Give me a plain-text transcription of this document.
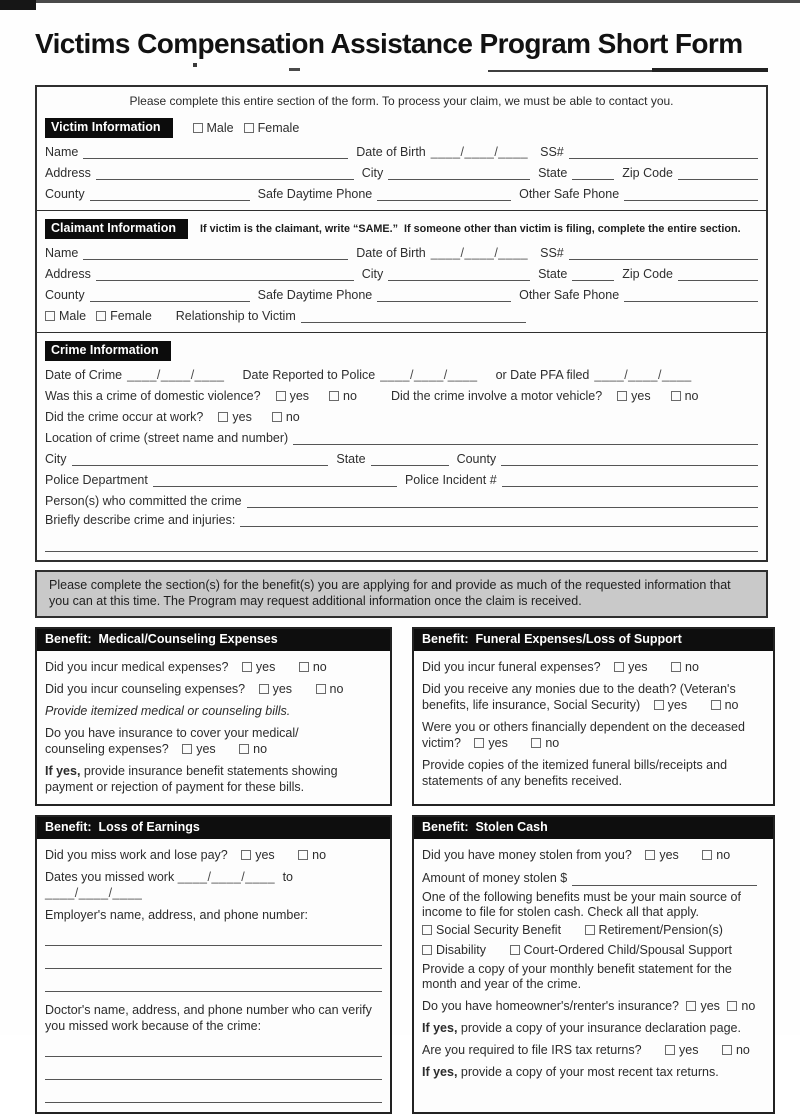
Victims Compensation Assistance Program Short Form
Please complete this entire section of the form. To process your claim, we must be able to contact you.
Victim Information	Male	Female
Name	Date of Birth ____/____/____ SS#
Address	City	State	Zip Code
County	Safe Daytime Phone	Other Safe Phone
Claimant Information	If victim is the claimant, write “SAME.”  If someone other than victim is filing, complete the entire section.
Name	Date of Birth ____/____/____ SS#
Address	City	State	Zip Code
County	Safe Daytime Phone	Other Safe Phone
Male	Female Relationship to Victim
Crime Information
Date of Crime ____/____/____	Date Reported to Police ____/____/____	or Date PFA filed ____/____/____
Was this a crime of domestic violence?	yes	no	Did the crime involve a motor vehicle?	yes	no
Did the crime occur at work?	yes	no
Location of crime (street name and number)
City	State	County
Police Department	Police Incident #
Person(s) who committed the crime
Briefly describe crime and injuries:
Please complete the section(s) for the benefit(s) you are applying for and provide as much of the requested information that you can at this time. The Program may request additional information once the claim is received.
Benefit:  Medical/Counseling Expenses

Did you incur medical expenses? yes	no

Did you incur counseling expenses? yes	no

Provide itemized medical or counseling bills.

Do you have insurance to cover your medical/
counseling expenses? yes	no

If yes, provide insurance benefit statements showing payment or rejection of payment for these bills.

Benefit:  Funeral Expenses/Loss of Support

Did you incur funeral expenses? yes	no

Did you receive any monies due to the death? (Veteran's benefits, life insurance, Social Security) yes	no

Were you or others financially dependent on the deceased victim? yes	no

Provide copies of the itemized funeral bills/receipts and statements of any benefits received.

Benefit:  Loss of Earnings

Did you miss work and lose pay? yes	no

Dates you missed work ____/____/____ to ____/____/____

Employer's name, address, and phone number:

Doctor's name, address, and phone number who can verify you missed work because of the crime:

Benefit:  Stolen Cash

Did you have money stolen from you? yes	no

Amount of money stolen $

One of the following benefits must be your main source of income to file for stolen cash. Check all that apply.

Social Security Benefit	Retirement/Pension(s)

Disability	Court-Ordered Child/Spousal Support

Provide a copy of your monthly benefit statement for the month and year of the crime.

Do you have homeowner's/renter's insurance? yes no

If yes, provide a copy of your insurance declaration page.

Are you required to file IRS tax returns?	yes	no

If yes, provide a copy of your most recent tax returns.
